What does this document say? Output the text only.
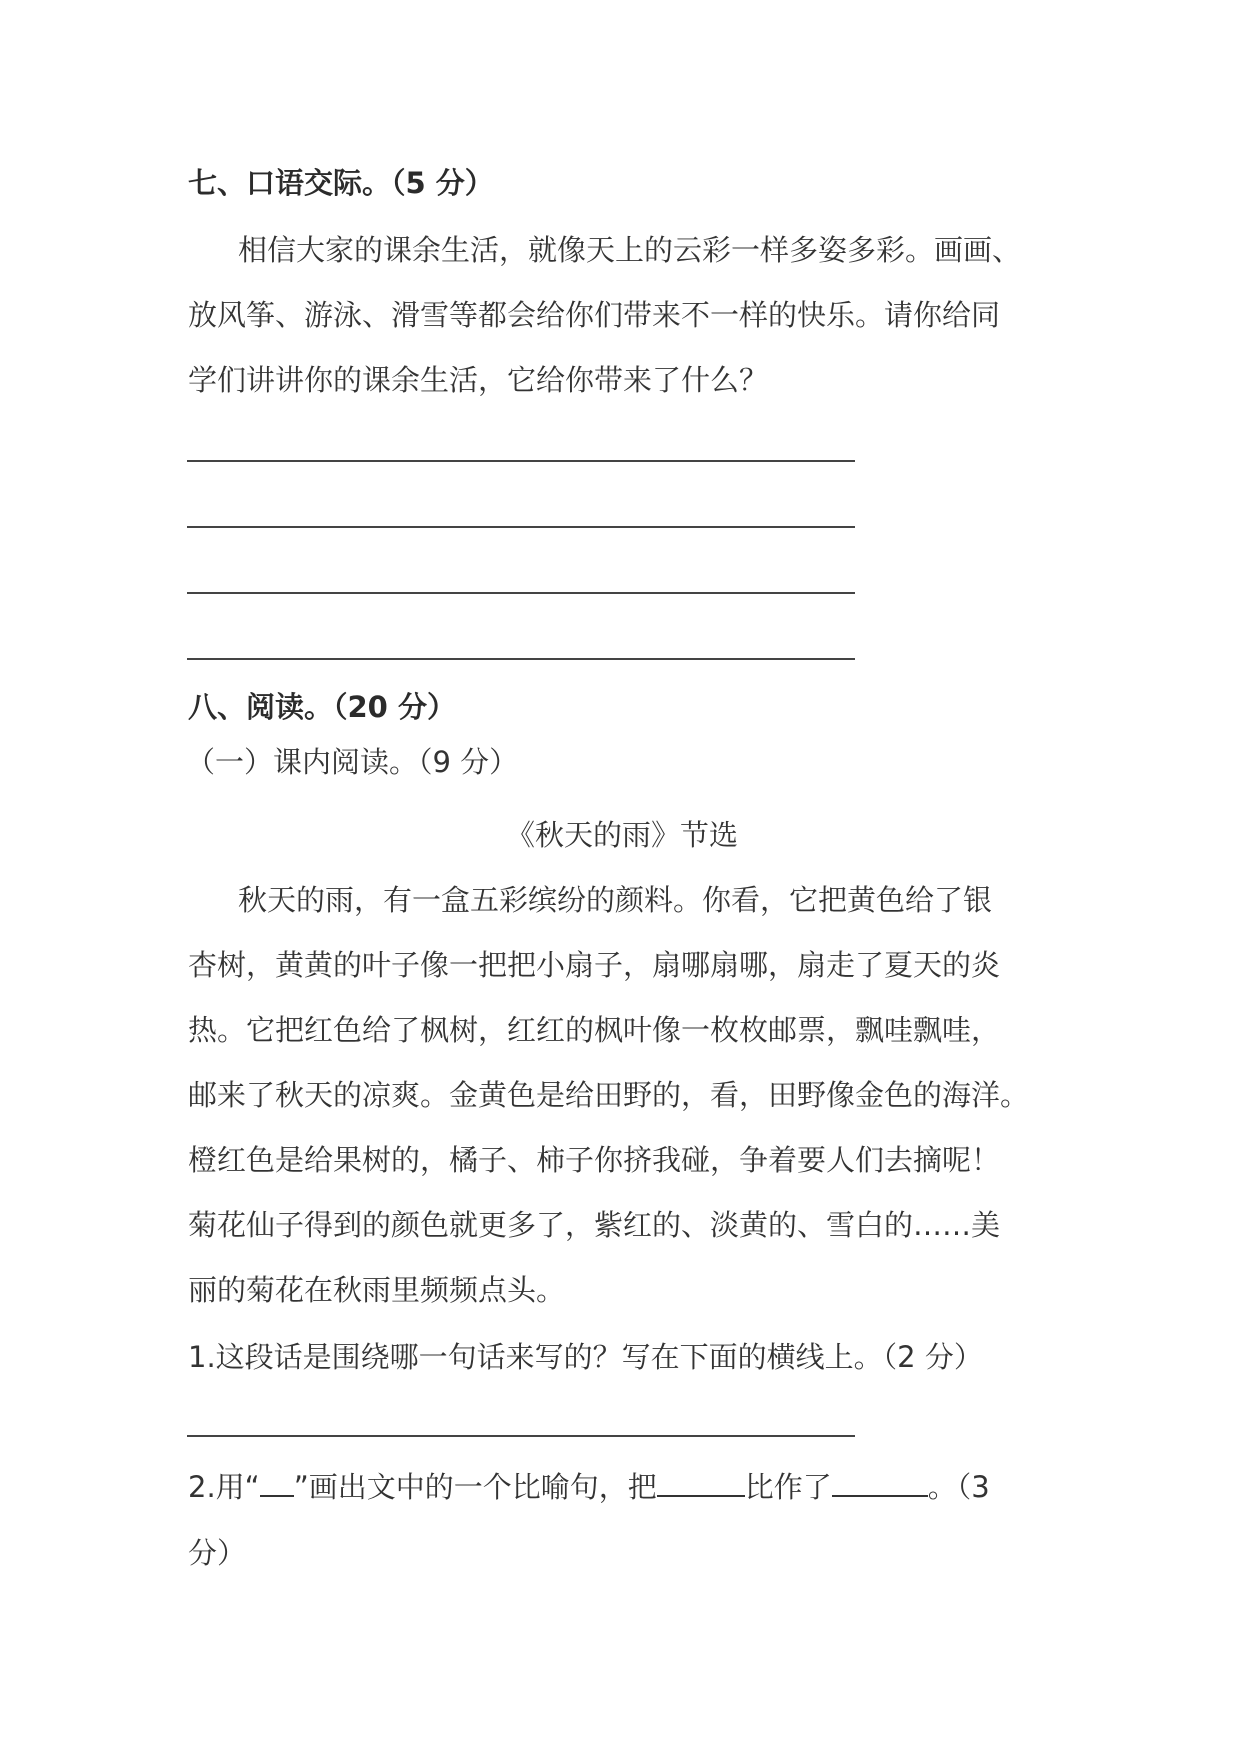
七、口语交际。（5 分）
相信大家的课余生活，就像天上的云彩一样多姿多彩。画画、
放风筝、游泳、滑雪等都会给你们带来不一样的快乐。请你给同
学们讲讲你的课余生活，它给你带来了什么？
八、阅读。（20 分）
（一）课内阅读。（9 分）
《秋天的雨》节选
秋天的雨，有一盒五彩缤纷的颜料。你看，它把黄色给了银
杏树，黄黄的叶子像一把把小扇子，扇哪扇哪，扇走了夏天的炎
热。它把红色给了枫树，红红的枫叶像一枚枚邮票，飘哇飘哇，
邮来了秋天的凉爽。金黄色是给田野的，看，田野像金色的海洋。
橙红色是给果树的，橘子、柿子你挤我碰，争着要人们去摘呢！
菊花仙子得到的颜色就更多了，紫红的、淡黄的、雪白的……美
丽的菊花在秋雨里频频点头。
1.这段话是围绕哪一句话来写的？写在下面的横线上。（2 分）
2.用“ ”画出文中的一个比喻句，把	比作了	。（3
分）
